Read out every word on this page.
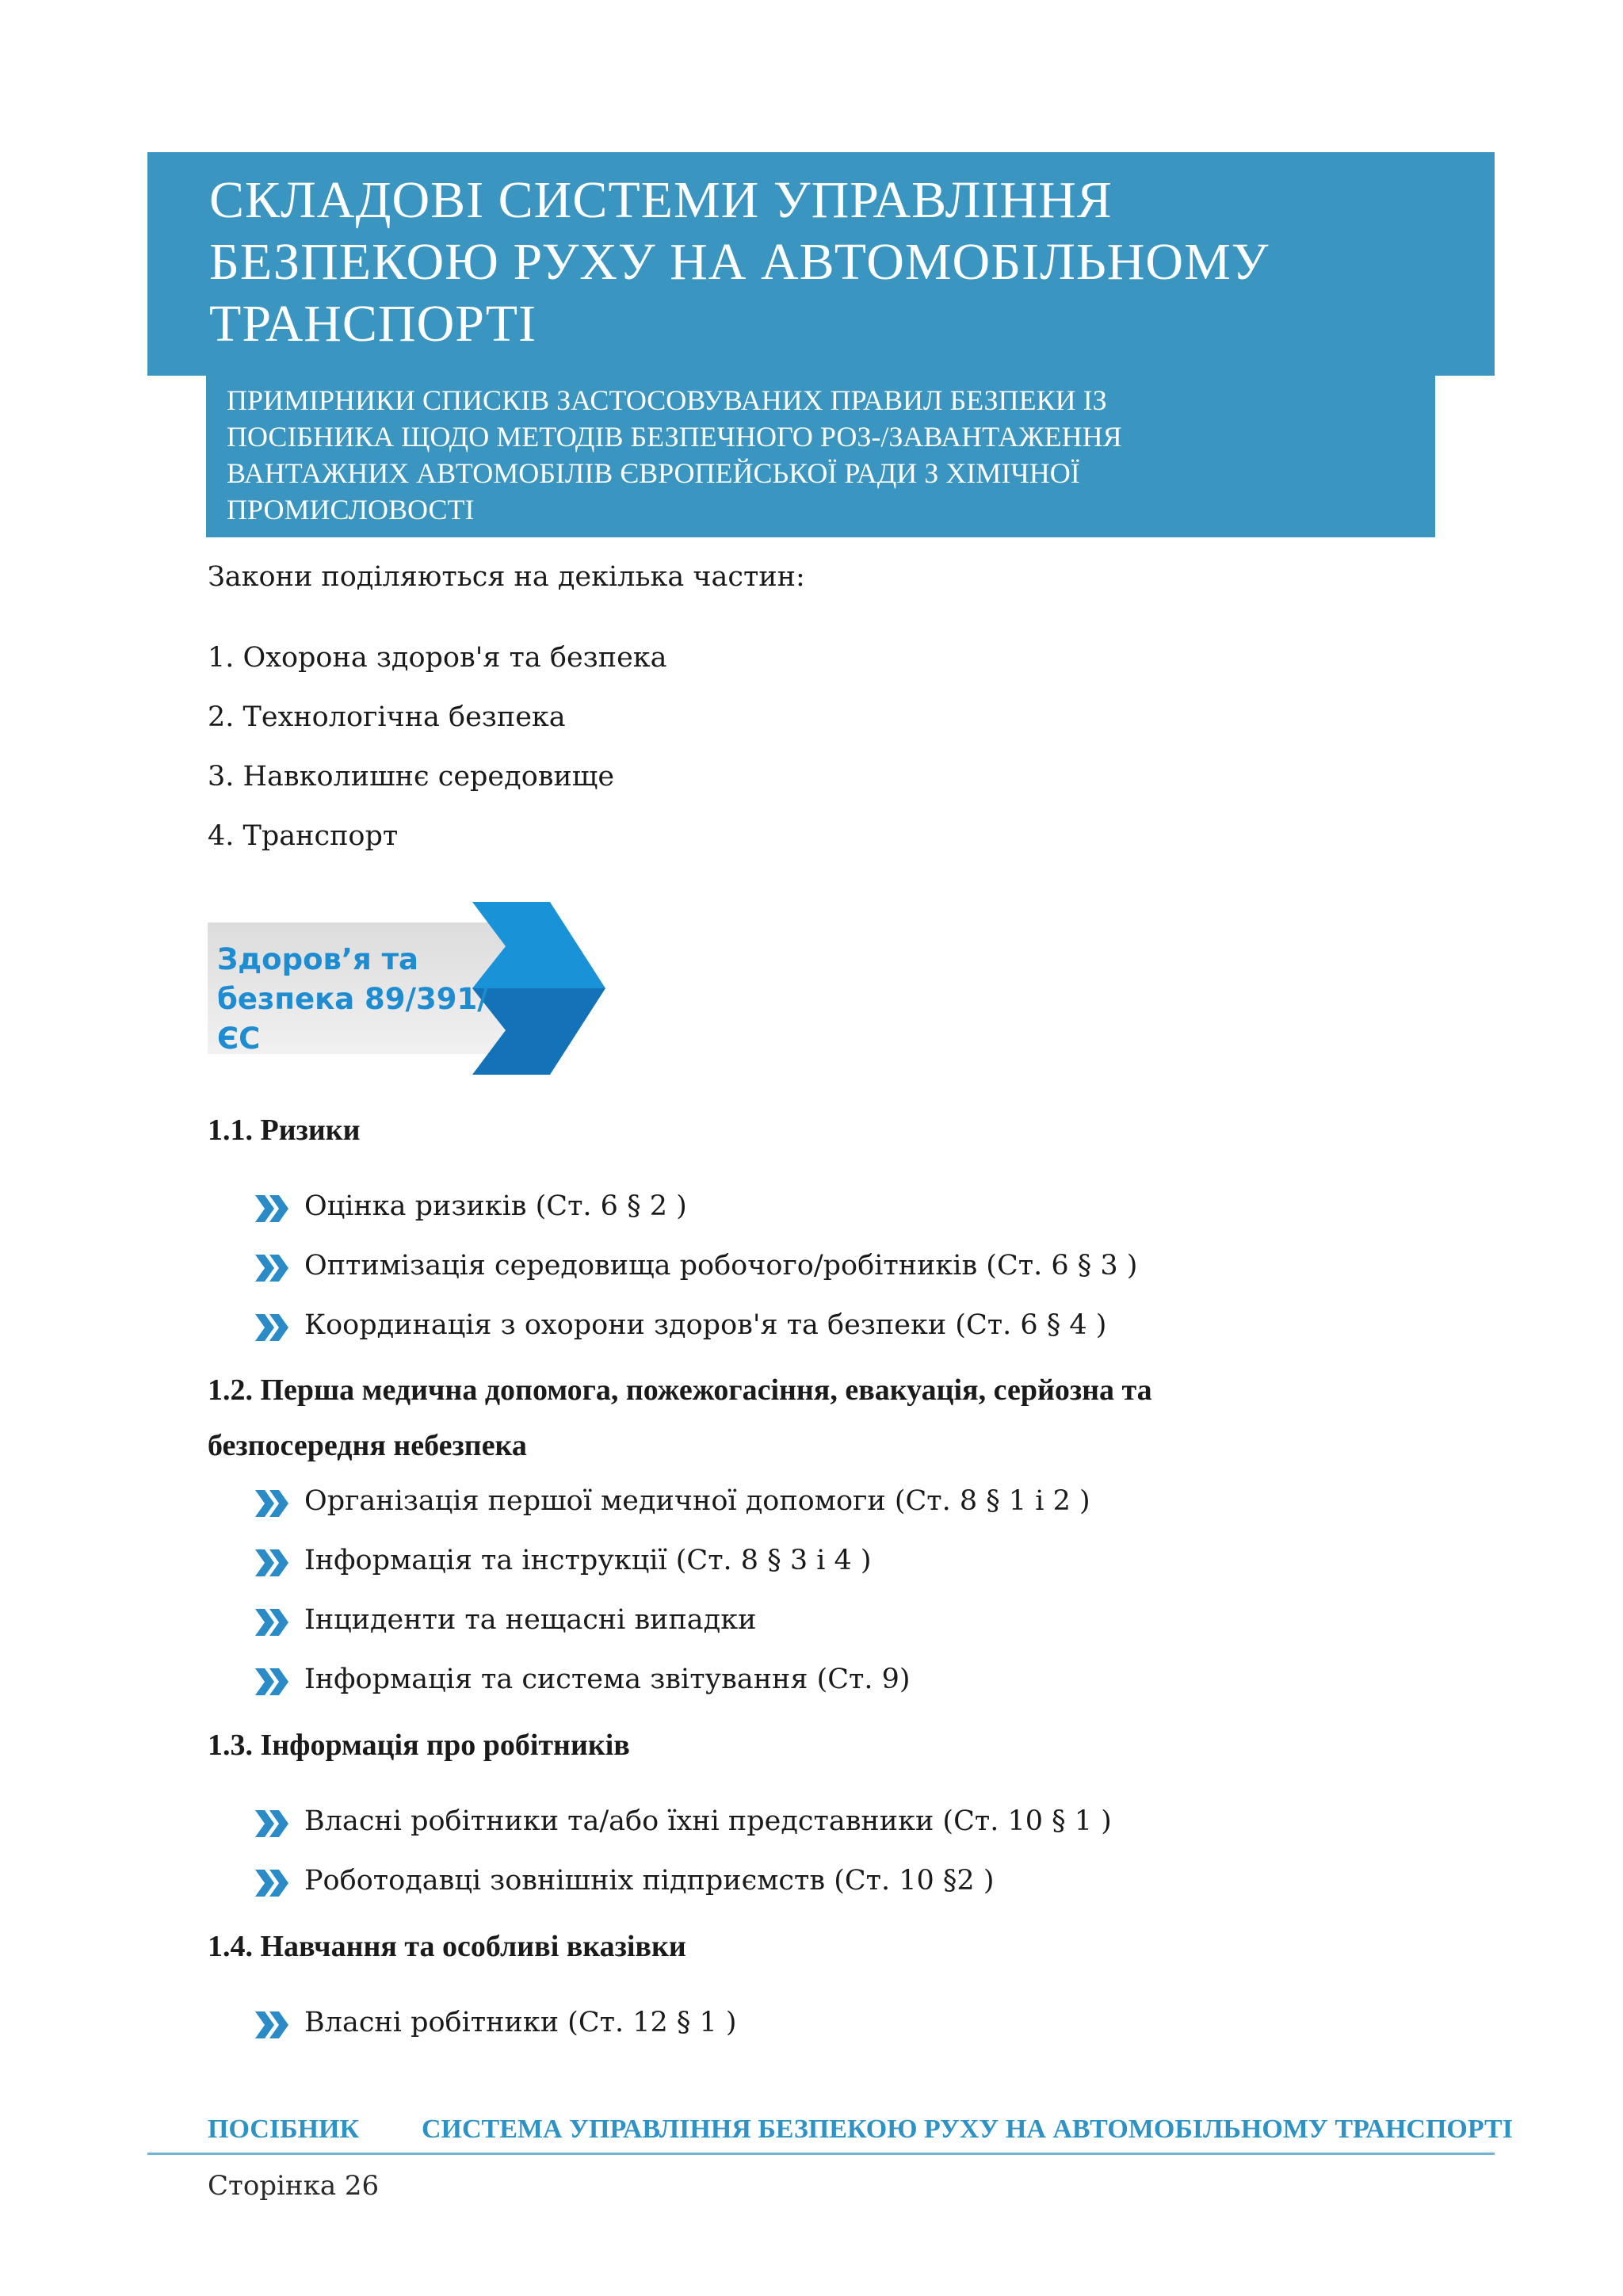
СКЛАДОВІ СИСТЕМИ УПРАВЛІННЯ
БЕЗПЕКОЮ РУХУ НА АВТОМОБІЛЬНОМУ
ТРАНСПОРТІ
ПРИМІРНИКИ СПИСКІВ ЗАСТОСОВУВАНИХ ПРАВИЛ БЕЗПЕКИ ІЗ
ПОСІБНИКА ЩОДО МЕТОДІВ БЕЗПЕЧНОГО РОЗ-/ЗАВАНТАЖЕННЯ
ВАНТАЖНИХ АВТОМОБІЛІВ ЄВРОПЕЙСЬКОЇ РАДИ З ХІМІЧНОЇ
ПРОМИСЛОВОСТІ
Закони поділяються на декілька частин:
1. Охорона здоров'я та безпека
2. Технологічна безпека
3. Навколишнє середовище
4. Транспорт
Здоров’я та
безпека 89/391/ЄС
1.1. Ризики
Оцінка ризиків (Ст. 6 § 2 )
Оптимізація середовища робочого/робітників (Ст. 6 § 3 )
Координація з охорони здоров'я та безпеки (Ст. 6 § 4 )
1.2. Перша медична допомога, пожежогасіння, евакуація, серйозна та
безпосередня небезпека
Організація першої медичної допомоги (Ст. 8 § 1 і 2 )
Інформація та інструкції (Ст. 8 § 3 і 4 )
Інциденти та нещасні випадки
Інформація та система звітування (Ст. 9)
1.3. Інформація про робітників
Власні робітники та/або їхні представники (Ст. 10 § 1 )
Роботодавці зовнішніх підприємств (Ст. 10 §2 )
1.4. Навчання та особливі вказівки
Власні робітники (Ст. 12 § 1 )
ПОСІБНИК СИСТЕМА УПРАВЛІННЯ БЕЗПЕКОЮ РУХУ НА АВТОМОБІЛЬНОМУ ТРАНСПОРТІ
Сторінка 26
